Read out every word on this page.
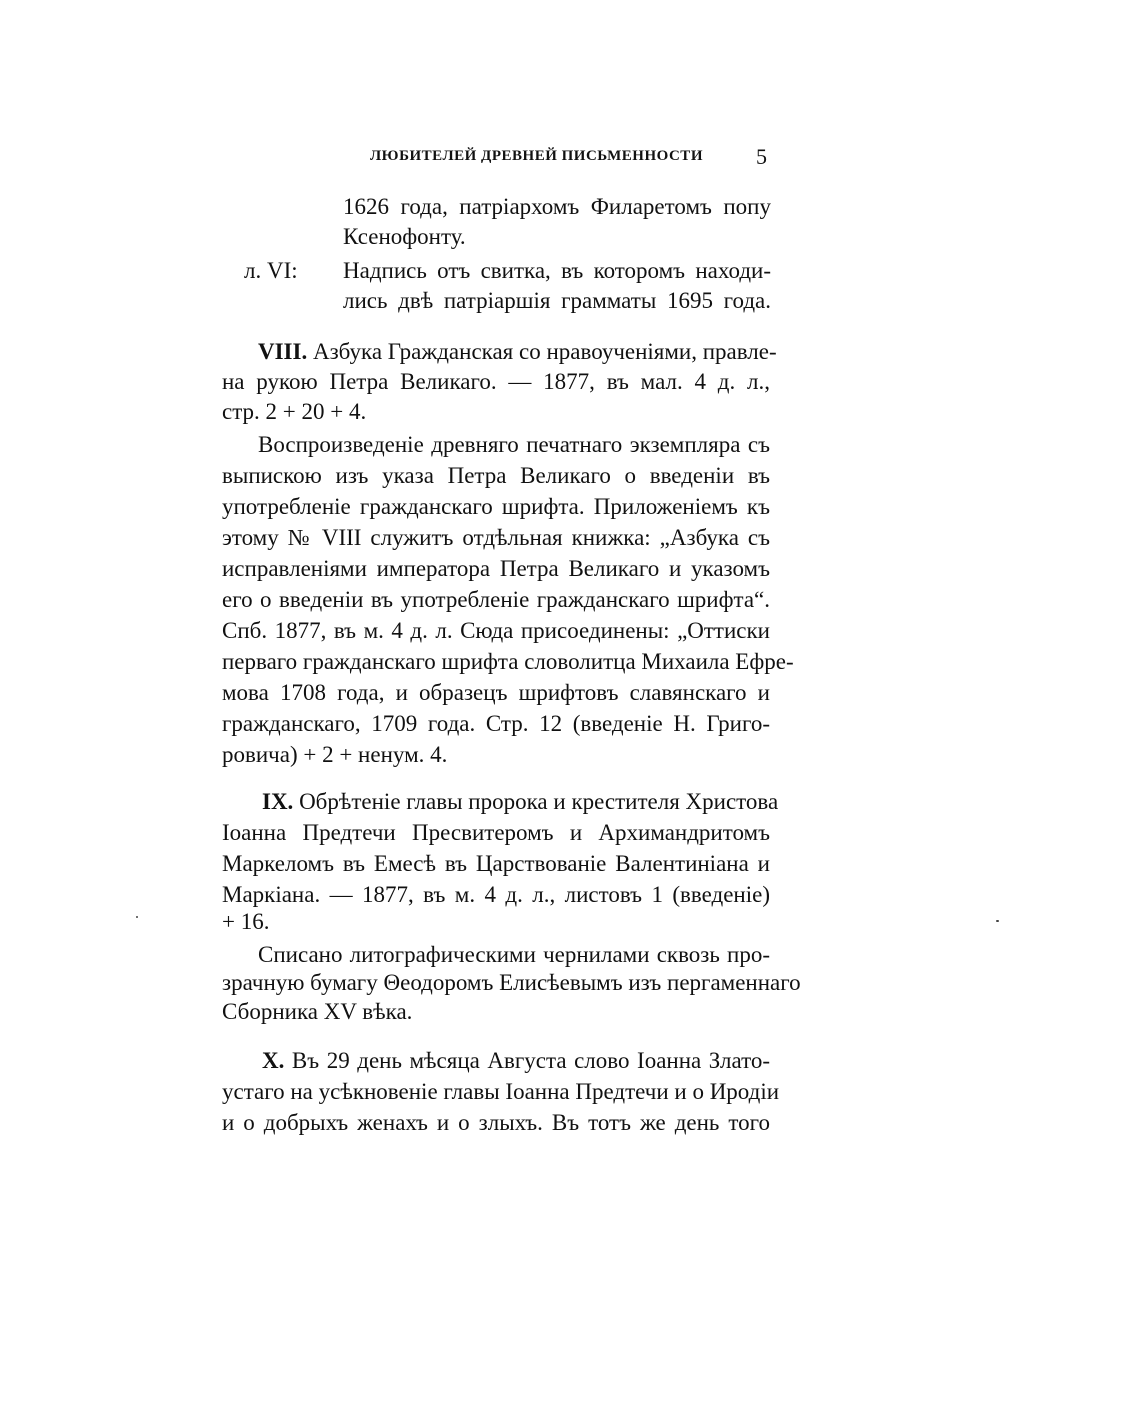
ЛЮБИТЕЛЕЙ ДРЕВНЕЙ ПИСЬМЕННОСТИ 5
1626 года, патріархомъ Филаретомъ попу
Ксенофонту.
л. VI: Надпись отъ свитка, въ которомъ находи-
лись двѣ патріаршія грамматы 1695 года.
VIII. Азбука Гражданская со нравоученіями, правле-
на рукою Петра Великаго. — 1877, въ мал. 4 д. л.,
стр. 2 + 20 + 4.
Воспроизведеніе древняго печатнаго экземпляра съ
выпискою изъ указа Петра Великаго о введеніи въ
употребленіе гражданскаго шрифта. Приложеніемъ къ
этому № VIII служитъ отдѣльная книжка: „Азбука съ
исправленіями императора Петра Великаго и указомъ
его о введеніи въ употребленіе гражданскаго шрифта“.
Спб. 1877, въ м. 4 д. л. Сюда присоединены: „Оттиски
перваго гражданскаго шрифта словолитца Михаила Ефре-
мова 1708 года, и образецъ шрифтовъ славянскаго и
гражданскаго, 1709 года. Стр. 12 (введеніе Н. Григо-
ровича) + 2 + ненум. 4.
IX. Обрѣтеніе главы пророка и крестителя Христова
Іоанна Предтечи Пресвитеромъ и Архимандритомъ
Маркеломъ въ Емесѣ въ Царствованіе Валентиніана и
Маркіана. — 1877, въ м. 4 д. л., листовъ 1 (введеніе)
+ 16.
Списано литографическими чернилами сквозь про-
зрачную бумагу Θеодоромъ Елисѣевымъ изъ пергаменнаго
Сборника XV вѣка.
X. Въ 29 день мѣсяца Августа слово Іоанна Злато-
устаго на усѣкновеніе главы Іоанна Предтечи и о Иродіи
и о добрыхъ женахъ и о злыхъ. Въ тотъ же день того
